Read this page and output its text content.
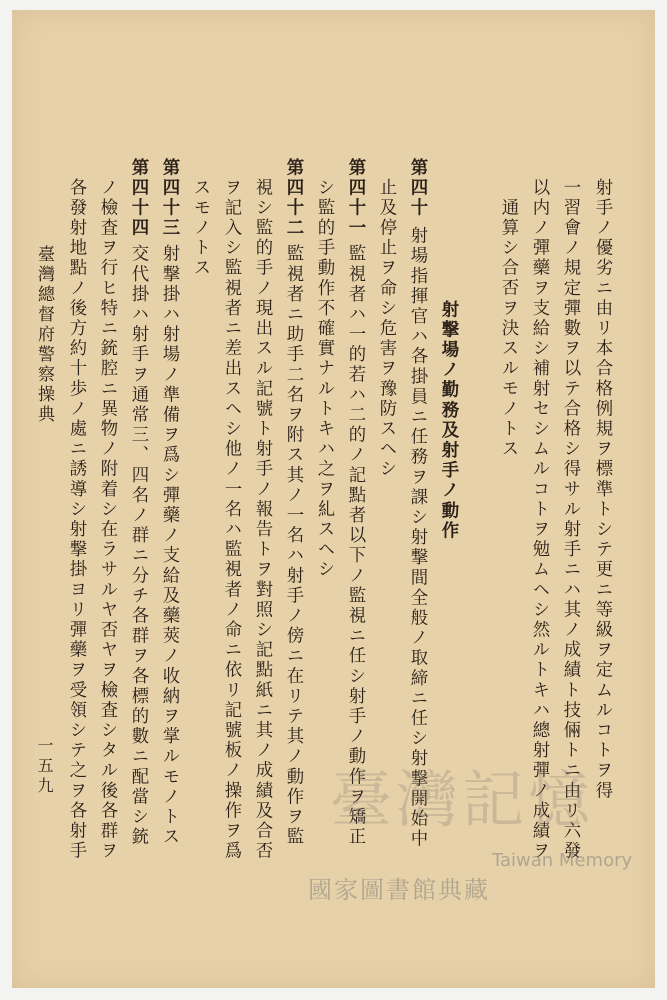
射手ノ優劣ニ由リ本合格例規ヲ標準トシテ更ニ等級ヲ定ムルコトヲ得
一習會ノ規定彈數ヲ以テ合格シ得サル射手ニハ其ノ成績ト技倆トニ由リ六發
以内ノ彈藥ヲ支給シ補射セシムルコトヲ勉ムヘシ然ルトキハ總射彈ノ成績ヲ
通算シ合否ヲ決スルモノトス
射撃場ノ勤務及射手ノ動作
第四十射場指揮官ハ各掛員ニ任務ヲ課シ射撃間全般ノ取締ニ任シ射撃開始中
止及停止ヲ命シ危害ヲ豫防スヘシ
第四十一監視者ハ一的若ハ二的ノ記點者以下ノ監視ニ任シ射手ノ動作ヲ矯正
シ監的手動作不確實ナルトキハ之ヲ糺スヘシ
第四十二監視者ニ助手二名ヲ附ス其ノ一名ハ射手ノ傍ニ在リテ其ノ動作ヲ監
視シ監的手ノ現出スル記號ト射手ノ報告トヲ對照シ記點紙ニ其ノ成績及合否
ヲ記入シ監視者ニ差出スヘシ他ノ一名ハ監視者ノ命ニ依リ記號板ノ操作ヲ爲
スモノトス
第四十三射撃掛ハ射場ノ準備ヲ爲シ彈藥ノ支給及藥莢ノ收納ヲ掌ルモノトス
第四十四交代掛ハ射手ヲ通常三、四名ノ群ニ分チ各群ヲ各標的數ニ配當シ銃
ノ檢査ヲ行ヒ特ニ銃腔ニ異物ノ附着シ在ラサルヤ否ヤヲ檢査シタル後各群ヲ
各發射地點ノ後方約十歩ノ處ニ誘導シ射撃掛ヨリ彈藥ヲ受領シテ之ヲ各射手
臺灣總督府警察操典
一五九	臺灣記憶
Taiwan Memory
國家圖書館典藏
